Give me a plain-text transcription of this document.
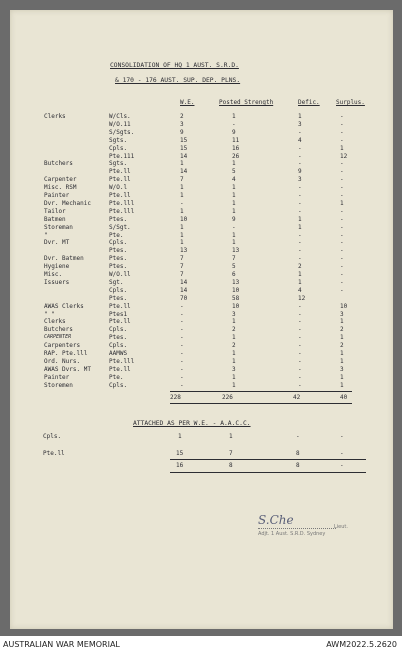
CONSOLIDATION OF HQ 1 AUST. S.R.D.
& 170 - 176 AUST. SUP. DEP. PLNS.
W.E.	Posted Strength	Defic.	Surplus.
Clerks	W/Cls.	2	1	1	-
W/O.11	3	-	3	-
S/Sgts.	9	9	-	-
Sgts.	15	11	4	-
Cpls.	15	16	-	1
Pte.111	14	26	-	12
Butchers	Sgts.	1	1	-	-
Pte.ll	14	5	9	-
Carpenter	Pte.ll	7	4	3	-
Misc. RSM	W/O.l	1	1	-	-
Painter	Pte.ll	1	1	-	-
Dvr. Mechanic	Pte.lll	-	1	-	1
Tailor	Pte.lll	1	1	-	-
Batmen	Ptes.	10	9	1	-
Storeman	S/Sgt.	1	-	1	-
"	Pte.	1	1	-	-
Dvr. MT	Cpls.	1	1	-	-
Ptes.	13	13	-	-
Dvr. Batmen	Ptes.	7	7	-	-
Hygiene	Ptes.	7	5	2	-
Misc.	W/O.ll	7	6	1	-
Issuers	Sgt.	14	13	1	-
Cpls.	14	10	4	-
Ptes.	70	58	12
AWAS Clerks	Pte.ll	-	10	-	10
" "	Ptes1	-	3	-	3
Clerks	Pte.ll	-	1	-	1
Butchers	Cpls.	-	2	-	2
CARPENTER	Ptes.	-	1	-	1
Carpenters	Cpls.	-	2	-	2
RAP. Pte.lll	AAMWS	-	1	-	1
Ord. Nurs.	Pte.lll	-	1	-	1
AWAS Dvrs. MT	Pte.ll	-	3	-	3
Painter	Pte.	-	1	-	1
Storemen	Cpls.	-	1	-	1
228	226	42	40
ATTACHED AS PER W.E. - A.A.C.C.
Cpls.	1	1	-	-
Pte.ll	15	7	8	-
16	8	8	-
S.Che	Lieut.
Adjt. 1 Aust. S.R.D. Sydney
AUSTRALIAN WAR MEMORIAL	AWM2022.5.2620
